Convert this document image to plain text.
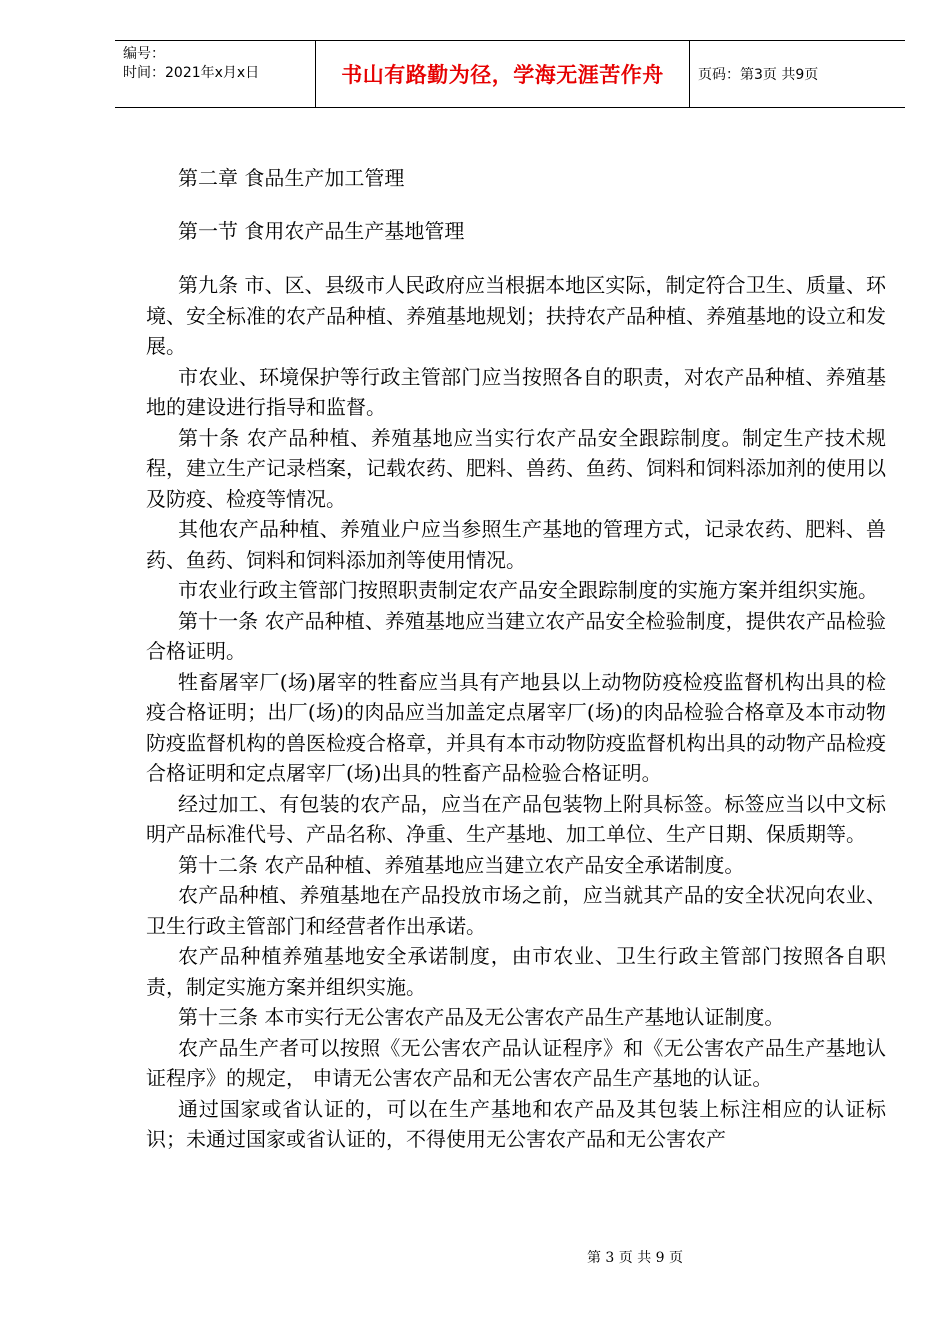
编号：
时间：2021年x月x日	书山有路勤为径，学海无涯苦作舟 页码：第3页 共9页

第二章 食品生产加工管理

第一节 食用农产品生产基地管理

第九条 市、区、县级市人民政府应当根据本地区实际，制定符合卫生、质量、环境、安全标准的农产品种植、养殖基地规划；扶持农产品种植、养殖基地的设立和发展。

市农业、环境保护等行政主管部门应当按照各自的职责，对农产品种植、养殖基地的建设进行指导和监督。

第十条 农产品种植、养殖基地应当实行农产品安全跟踪制度。制定生产技术规程，建立生产记录档案，记载农药、肥料、兽药、鱼药、饲料和饲料添加剂的使用以及防疫、检疫等情况。

其他农产品种植、养殖业户应当参照生产基地的管理方式，记录农药、肥料、兽药、鱼药、饲料和饲料添加剂等使用情况。

市农业行政主管部门按照职责制定农产品安全跟踪制度的实施方案并组织实施。

第十一条 农产品种植、养殖基地应当建立农产品安全检验制度，提供农产品检验合格证明。

牲畜屠宰厂(场)屠宰的牲畜应当具有产地县以上动物防疫检疫监督机构出具的检疫合格证明；出厂(场)的肉品应当加盖定点屠宰厂(场)的肉品检验合格章及本市动物防疫监督机构的兽医检疫合格章，并具有本市动物防疫监督机构出具的动物产品检疫合格证明和定点屠宰厂(场)出具的牲畜产品检验合格证明。

经过加工、有包装的农产品，应当在产品包装物上附具标签。标签应当以中文标明产品标准代号、产品名称、净重、生产基地、加工单位、生产日期、保质期等。

第十二条 农产品种植、养殖基地应当建立农产品安全承诺制度。

农产品种植、养殖基地在产品投放市场之前，应当就其产品的安全状况向农业、卫生行政主管部门和经营者作出承诺。

农产品种植养殖基地安全承诺制度，由市农业、卫生行政主管部门按照各自职责，制定实施方案并组织实施。

第十三条 本市实行无公害农产品及无公害农产品生产基地认证制度。

农产品生产者可以按照《无公害农产品认证程序》和《无公害农产品生产基地认证程序》的规定， 申请无公害农产品和无公害农产品生产基地的认证。

通过国家或省认证的，可以在生产基地和农产品及其包装上标注相应的认证标识；未通过国家或省认证的，不得使用无公害农产品和无公害农产

第 3 页 共 9 页
